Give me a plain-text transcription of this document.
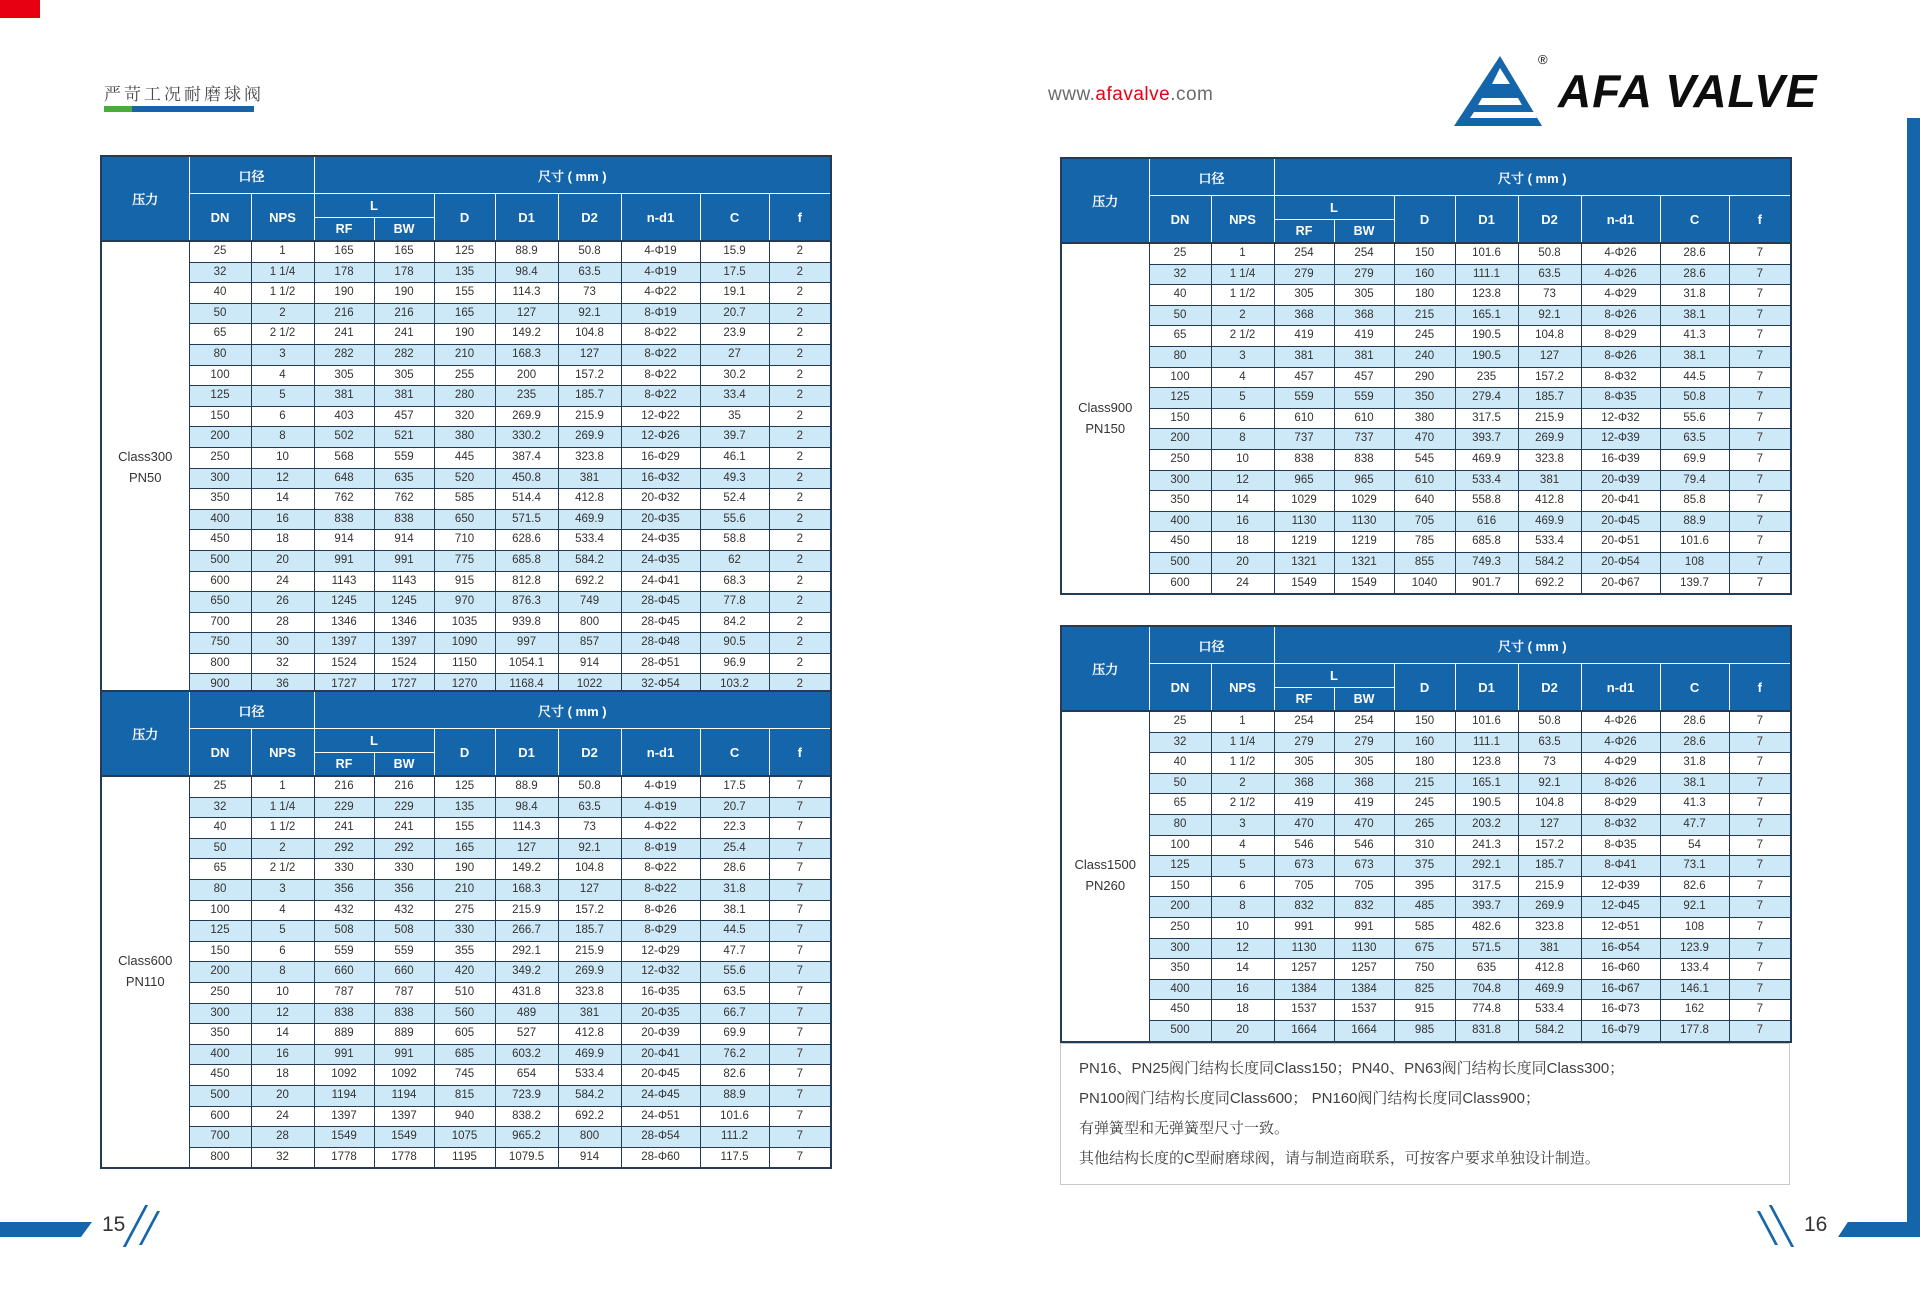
严苛工况耐磨球阀	www.afavalve.com
®
AFA VALVE
压力	口径		尺寸 ( mm )							
	DN	NPS	L		D	D1	D2	n-d1	C	f
			RF	BW						

Class300
PN50	25	1	165	165	125	88.9	50.8	4-Φ19	15.9	2
	32	1 1/4	178	178	135	98.4	63.5	4-Φ19	17.5	2
	40	1 1/2	190	190	155	114.3	73	4-Φ22	19.1	2
	50	2	216	216	165	127	92.1	8-Φ19	20.7	2
	65	2 1/2	241	241	190	149.2	104.8	8-Φ22	23.9	2
	80	3	282	282	210	168.3	127	8-Φ22	27	2
	100	4	305	305	255	200	157.2	8-Φ22	30.2	2
	125	5	381	381	280	235	185.7	8-Φ22	33.4	2
	150	6	403	457	320	269.9	215.9	12-Φ22	35	2
	200	8	502	521	380	330.2	269.9	12-Φ26	39.7	2
	250	10	568	559	445	387.4	323.8	16-Φ29	46.1	2
	300	12	648	635	520	450.8	381	16-Φ32	49.3	2
	350	14	762	762	585	514.4	412.8	20-Φ32	52.4	2
	400	16	838	838	650	571.5	469.9	20-Φ35	55.6	2
	450	18	914	914	710	628.6	533.4	24-Φ35	58.8	2
	500	20	991	991	775	685.8	584.2	24-Φ35	62	2
	600	24	1143	1143	915	812.8	692.2	24-Φ41	68.3	2
	650	26	1245	1245	970	876.3	749	28-Φ45	77.8	2
	700	28	1346	1346	1035	939.8	800	28-Φ45	84.2	2
	750	30	1397	1397	1090	997	857	28-Φ48	90.5	2
	800	32	1524	1524	1150	1054.1	914	28-Φ51	96.9	2
	900	36	1727	1727	1270	1168.4	1022	32-Φ54	103.2	2
压力	口径		尺寸 ( mm )							
	DN	NPS	L		D	D1	D2	n-d1	C	f
			RF	BW						

Class600
PN110	25	1	216	216	125	88.9	50.8	4-Φ19	17.5	7
	32	1 1/4	229	229	135	98.4	63.5	4-Φ19	20.7	7
	40	1 1/2	241	241	155	114.3	73	4-Φ22	22.3	7
	50	2	292	292	165	127	92.1	8-Φ19	25.4	7
	65	2 1/2	330	330	190	149.2	104.8	8-Φ22	28.6	7
	80	3	356	356	210	168.3	127	8-Φ22	31.8	7
	100	4	432	432	275	215.9	157.2	8-Φ26	38.1	7
	125	5	508	508	330	266.7	185.7	8-Φ29	44.5	7
	150	6	559	559	355	292.1	215.9	12-Φ29	47.7	7
	200	8	660	660	420	349.2	269.9	12-Φ32	55.6	7
	250	10	787	787	510	431.8	323.8	16-Φ35	63.5	7
	300	12	838	838	560	489	381	20-Φ35	66.7	7
	350	14	889	889	605	527	412.8	20-Φ39	69.9	7
	400	16	991	991	685	603.2	469.9	20-Φ41	76.2	7
	450	18	1092	1092	745	654	533.4	20-Φ45	82.6	7
	500	20	1194	1194	815	723.9	584.2	24-Φ45	88.9	7
	600	24	1397	1397	940	838.2	692.2	24-Φ51	101.6	7
	700	28	1549	1549	1075	965.2	800	28-Φ54	111.2	7
	800	32	1778	1778	1195	1079.5	914	28-Φ60	117.5	7
压力	口径		尺寸 ( mm )							
	DN	NPS	L		D	D1	D2	n-d1	C	f
			RF	BW						

Class900
PN150	25	1	254	254	150	101.6	50.8	4-Φ26	28.6	7
	32	1 1/4	279	279	160	111.1	63.5	4-Φ26	28.6	7
	40	1 1/2	305	305	180	123.8	73	4-Φ29	31.8	7
	50	2	368	368	215	165.1	92.1	8-Φ26	38.1	7
	65	2 1/2	419	419	245	190.5	104.8	8-Φ29	41.3	7
	80	3	381	381	240	190.5	127	8-Φ26	38.1	7
	100	4	457	457	290	235	157.2	8-Φ32	44.5	7
	125	5	559	559	350	279.4	185.7	8-Φ35	50.8	7
	150	6	610	610	380	317.5	215.9	12-Φ32	55.6	7
	200	8	737	737	470	393.7	269.9	12-Φ39	63.5	7
	250	10	838	838	545	469.9	323.8	16-Φ39	69.9	7
	300	12	965	965	610	533.4	381	20-Φ39	79.4	7
	350	14	1029	1029	640	558.8	412.8	20-Φ41	85.8	7
	400	16	1130	1130	705	616	469.9	20-Φ45	88.9	7
	450	18	1219	1219	785	685.8	533.4	20-Φ51	101.6	7
	500	20	1321	1321	855	749.3	584.2	20-Φ54	108	7
	600	24	1549	1549	1040	901.7	692.2	20-Φ67	139.7	7
压力	口径		尺寸 ( mm )							
	DN	NPS	L		D	D1	D2	n-d1	C	f
			RF	BW						

Class1500
PN260	25	1	254	254	150	101.6	50.8	4-Φ26	28.6	7
	32	1 1/4	279	279	160	111.1	63.5	4-Φ26	28.6	7
	40	1 1/2	305	305	180	123.8	73	4-Φ29	31.8	7
	50	2	368	368	215	165.1	92.1	8-Φ26	38.1	7
	65	2 1/2	419	419	245	190.5	104.8	8-Φ29	41.3	7
	80	3	470	470	265	203.2	127	8-Φ32	47.7	7
	100	4	546	546	310	241.3	157.2	8-Φ35	54	7
	125	5	673	673	375	292.1	185.7	8-Φ41	73.1	7
	150	6	705	705	395	317.5	215.9	12-Φ39	82.6	7
	200	8	832	832	485	393.7	269.9	12-Φ45	92.1	7
	250	10	991	991	585	482.6	323.8	12-Φ51	108	7
	300	12	1130	1130	675	571.5	381	16-Φ54	123.9	7
	350	14	1257	1257	750	635	412.8	16-Φ60	133.4	7
	400	16	1384	1384	825	704.8	469.9	16-Φ67	146.1	7
	450	18	1537	1537	915	774.8	533.4	16-Φ73	162	7
	500	20	1664	1664	985	831.8	584.2	16-Φ79	177.8	7
PN16、PN25阀门结构长度同Class150；PN40、PN63阀门结构长度同Class300；
PN100阀门结构长度同Class600； PN160阀门结构长度同Class900；
有弹簧型和无弹簧型尺寸一致。
其他结构长度的C型耐磨球阀，请与制造商联系，可按客户要求单独设计制造。
15	16
